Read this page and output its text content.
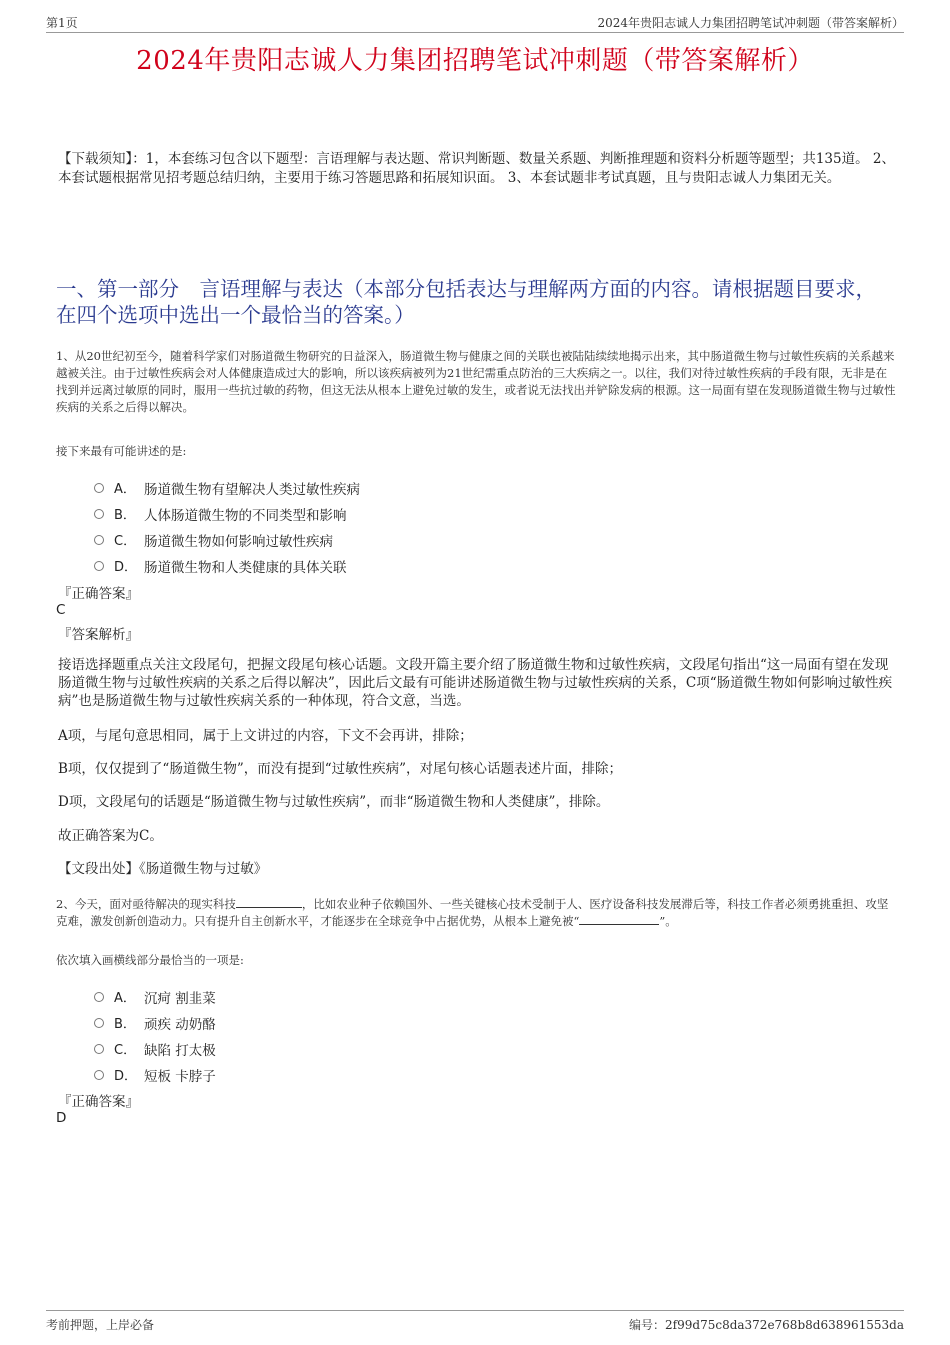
第1页	2024年贵阳志诚人力集团招聘笔试冲刺题（带答案解析）
2024年贵阳志诚人力集团招聘笔试冲刺题（带答案解析）
【下载须知】：1，本套练习包含以下题型：言语理解与表达题、常识判断题、数量关系题、判断推理题和资料分析题等题型；共135道。 2、本套试题根据常见招考题总结归纳，主要用于练习答题思路和拓展知识面。 3、本套试题非考试真题，且与贵阳志诚人力集团无关。
一、第一部分　言语理解与表达（本部分包括表达与理解两方面的内容。请根据题目要求，在四个选项中选出一个最恰当的答案。）
1、从20世纪初至今，随着科学家们对肠道微生物研究的日益深入，肠道微生物与健康之间的关联也被陆陆续续地揭示出来，其中肠道微生物与过敏性疾病的关系越来越被关注。由于过敏性疾病会对人体健康造成过大的影响，所以该疾病被列为21世纪需重点防治的三大疾病之一。以往，我们对待过敏性疾病的手段有限，无非是在找到并远离过敏原的同时，服用一些抗过敏的药物，但这无法从根本上避免过敏的发生，或者说无法找出并铲除发病的根源。这一局面有望在发现肠道微生物与过敏性疾病的关系之后得以解决。
接下来最有可能讲述的是:
A． 肠道微生物有望解决人类过敏性疾病
B． 人体肠道微生物的不同类型和影响
C． 肠道微生物如何影响过敏性疾病
D． 肠道微生物和人类健康的具体关联
『正确答案』
C
『答案解析』
接语选择题重点关注文段尾句，把握文段尾句核心话题。文段开篇主要介绍了肠道微生物和过敏性疾病，文段尾句指出“这一局面有望在发现肠道微生物与过敏性疾病的关系之后得以解决”，因此后文最有可能讲述肠道微生物与过敏性疾病的关系，C项“肠道微生物如何影响过敏性疾病”也是肠道微生物与过敏性疾病关系的一种体现，符合文意，当选。
A项，与尾句意思相同，属于上文讲过的内容，下文不会再讲，排除；
B项，仅仅提到了“肠道微生物”，而没有提到“过敏性疾病”，对尾句核心话题表述片面，排除；
D项，文段尾句的话题是“肠道微生物与过敏性疾病”，而非“肠道微生物和人类健康”，排除。
故正确答案为C。
【文段出处】《肠道微生物与过敏》
2、今天，面对亟待解决的现实科技	，比如农业种子依赖国外、一些关键核心技术受制于人、医疗设备科技发展滞后等，科技工作者必须勇挑重担、攻坚克难，激发创新创造动力。只有提升自主创新水平，才能逐步在全球竞争中占据优势，从根本上避免被“	”。
依次填入画横线部分最恰当的一项是:
A． 沉疴 割韭菜
B． 顽疾 动奶酪
C． 缺陷 打太极
D． 短板 卡脖子
『正确答案』
D
考前押题，上岸必备	编号：2f99d75c8da372e768b8d638961553da
